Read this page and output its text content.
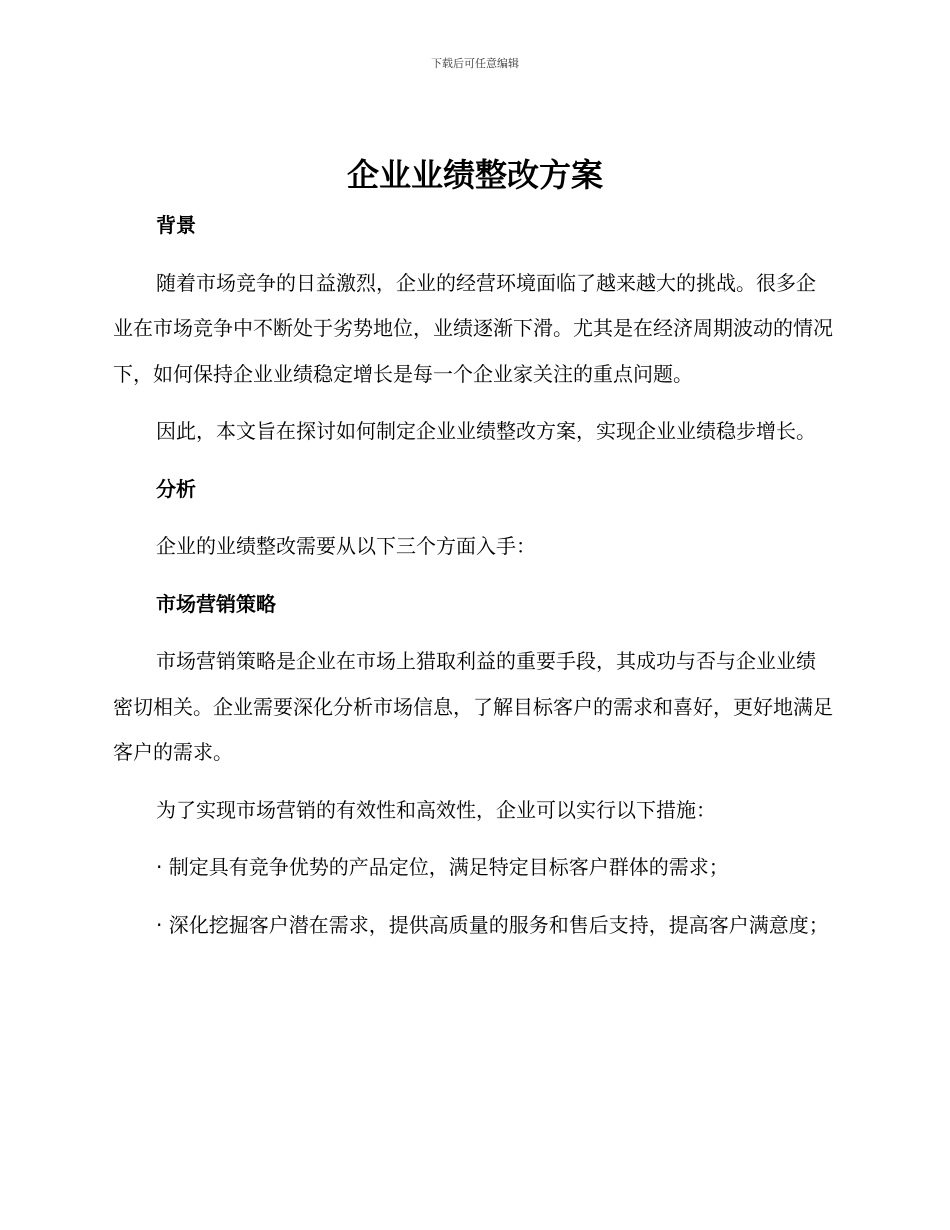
下载后可任意编辑
企业业绩整改方案

背景

随着市场竞争的日益激烈，企业的经营环境面临了越来越大的挑战。很多企业在市场竞争中不断处于劣势地位，业绩逐渐下滑。尤其是在经济周期波动的情况下，如何保持企业业绩稳定增长是每一个企业家关注的重点问题。

因此，本文旨在探讨如何制定企业业绩整改方案，实现企业业绩稳步增长。

分析

企业的业绩整改需要从以下三个方面入手：

市场营销策略

市场营销策略是企业在市场上猎取利益的重要手段，其成功与否与企业业绩密切相关。企业需要深化分析市场信息，了解目标客户的需求和喜好，更好地满足客户的需求。

为了实现市场营销的有效性和高效性，企业可以实行以下措施：

· 制定具有竞争优势的产品定位，满足特定目标客户群体的需求；

· 深化挖掘客户潜在需求，提供高质量的服务和售后支持，提高客户满意度；
